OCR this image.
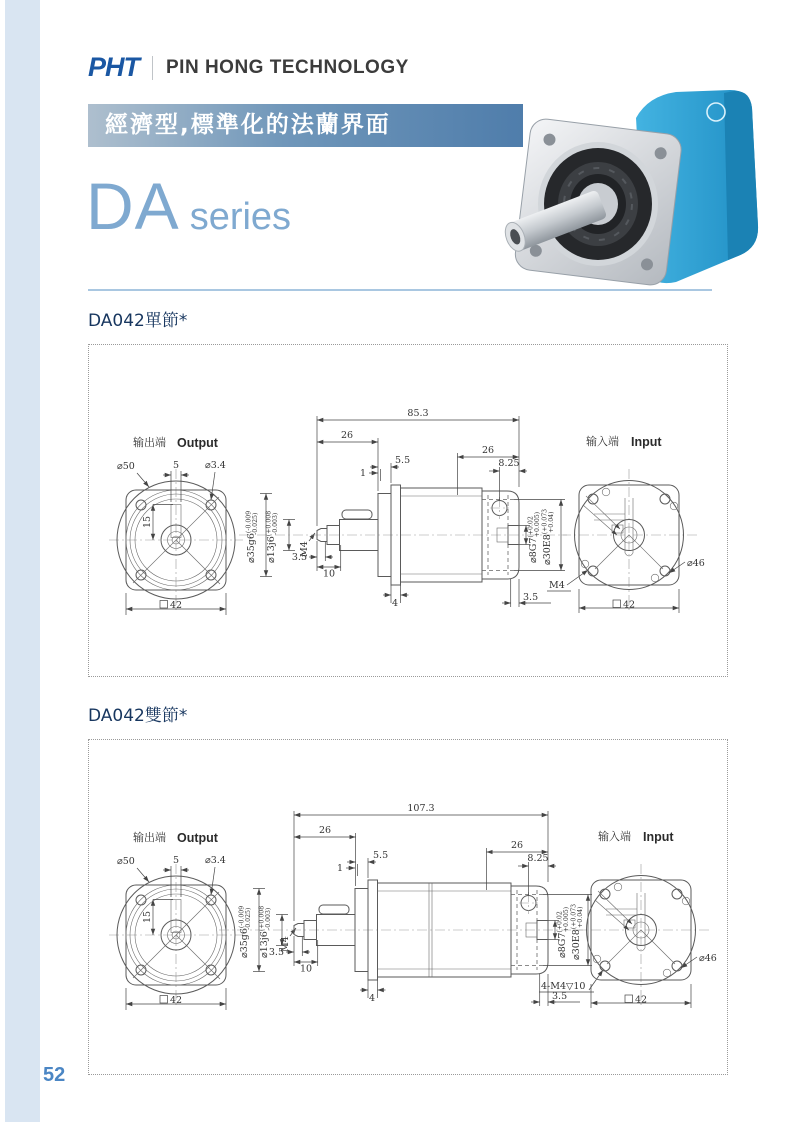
PHT PIN HONG TECHNOLOGY
經濟型,標準化的法蘭界面
DA series
DA042單節*
5
⌀50	⌀3.4
15
42
输出端 Output
$⌀35g6^{(-0.009}-0.025$)
$⌀13j6^{(+0.008}-0.003$)
M4
85.3
26
26
5.5
1
8.25
3.5
10
4
3.5
M4
$⌀8G7^{(+0.02}+0.005$)
$⌀30E8^{(+0.073}+0.04$)
⌀46
42
输入端 Input
DA042雙節*
5
⌀50	⌀3.4
15
42
输出端 Output
$⌀35g6^{(-0.009}-0.025$)
$⌀13j6^{(+0.008}-0.003$)
M4
107.3
26
26
5.5
1
8.25
3.5
10
4	3.5
4-M4▽10
$⌀8G7^{(+0.02}+0.005$)
$⌀30E8^{(+0.073}+0.04$)
⌀46
42
输入端 Input
52
